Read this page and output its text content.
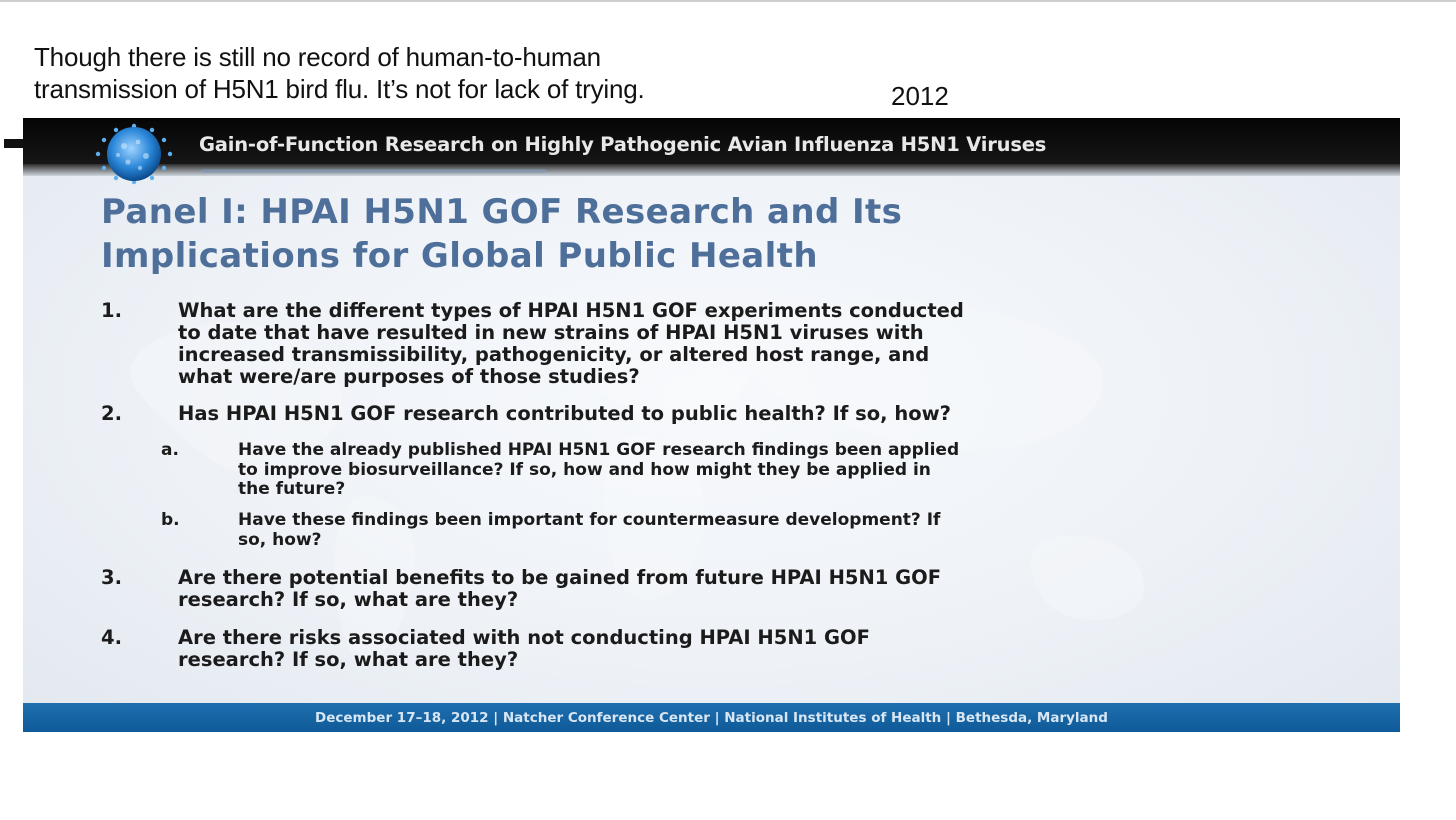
Though there is still no record of human-to-human
transmission of H5N1 bird flu. It’s not for lack of trying.	2012
Gain-of-Function Research on Highly Pathogenic Avian Influenza H5N1 Viruses
Panel I: HPAI H5N1 GOF Research and Its
Implications for Global Public Health
1.	What are the different types of HPAI H5N1 GOF experiments conducted
to date that have resulted in new strains of HPAI H5N1 viruses with
increased transmissibility, pathogenicity, or altered host range, and
what were/are purposes of those studies?
2.	Has HPAI H5N1 GOF research contributed to public health? If so, how?
a.	Have the already published HPAI H5N1 GOF research findings been applied
to improve biosurveillance? If so, how and how might they be applied in
the future?
b.	Have these findings been important for countermeasure development? If
so, how?
3.	Are there potential benefits to be gained from future HPAI H5N1 GOF
research? If so, what are they?
4.	Are there risks associated with not conducting HPAI H5N1 GOF
research? If so, what are they?
December 17–18, 2012 | Natcher Conference Center | National Institutes of Health | Bethesda, Maryland
